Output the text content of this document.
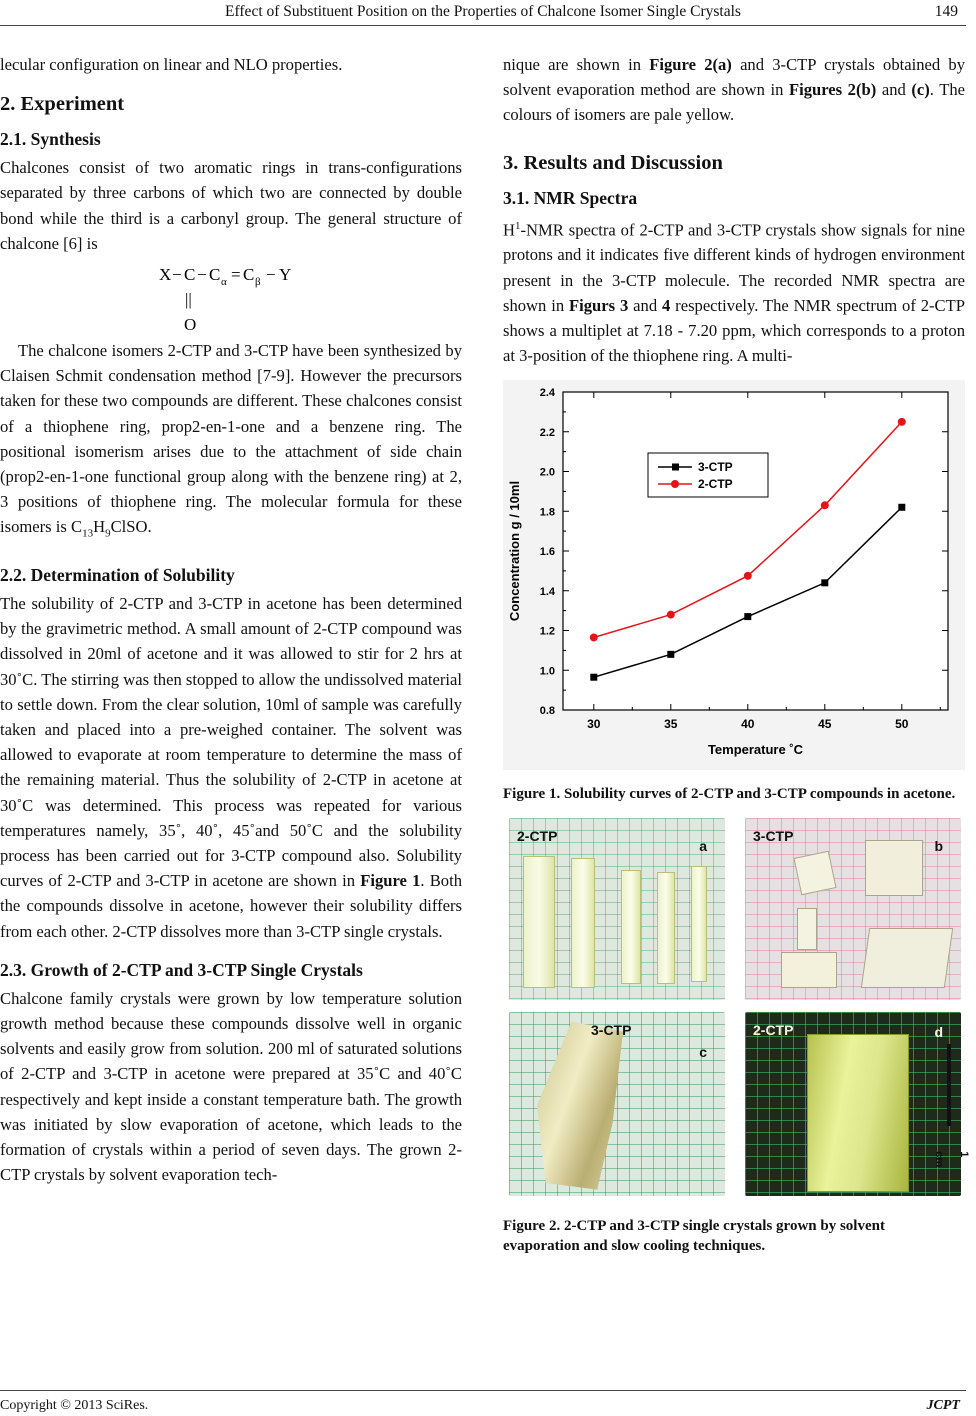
Effect of Substituent Position on the Properties of Chalcone Isomer Single Crystals	149

lecular configuration on linear and NLO properties.

2. Experiment
2.1. Synthesis

Chalcones consist of two aromatic rings in trans-configurations separated by three carbons of which two are connected by double bond while the third is a carbonyl group. The general structure of chalcone [6] is

X − C − C α = C β − Y
||
O

The chalcone isomers 2-CTP and 3-CTP have been synthesized by Claisen Schmit condensation method [7-9]. However the precursors taken for these two compounds are different. These chalcones consist of a thiophene ring, prop2-en-1-one and a benzene ring. The positional isomerism arises due to the attachment of side chain (prop2-en-1-one functional group along with the benzene ring) at 2, 3 positions of thiophene ring. The molecular formula for these isomers is $C_{13}H_9ClSO$.

2.2. Determination of Solubility

The solubility of 2-CTP and 3-CTP in acetone has been determined by the gravimetric method. A small amount of 2-CTP compound was dissolved in 20ml of acetone and it was allowed to stir for 2 hrs at 30˚C. The stirring was then stopped to allow the undissolved material to settle down. From the clear solution, 10ml of sample was carefully taken and placed into a pre-weighed container. The solvent was allowed to evaporate at room temperature to determine the mass of the remaining material. Thus the solubility of 2-CTP in acetone at 30˚C was determined. This process was repeated for various temperatures namely, 35˚, 40˚, 45˚and 50˚C and the solubility process has been carried out for 3-CTP compound also. Solubility curves of 2-CTP and 3-CTP in acetone are shown in Figure 1. Both the compounds dissolve in acetone, however their solubility differs from each other. 2-CTP dissolves more than 3-CTP single crystals.

2.3. Growth of 2-CTP and 3-CTP Single Crystals

Chalcone family crystals were grown by low temperature solution growth method because these compounds dissolve well in organic solvents and easily grow from solution. 200 ml of saturated solutions of 2-CTP and 3-CTP in acetone were prepared at 35˚C and 40˚C respectively and kept inside a constant temperature bath. The growth was initiated by slow evaporation of acetone, which leads to the formation of crystals within a period of seven days. The grown 2-CTP crystals by solvent evaporation tech-

nique are shown in Figure 2(a) and 3-CTP crystals obtained by solvent evaporation method are shown in Figures 2(b) and (c). The colours of isomers are pale yellow.

3. Results and Discussion
3.1. NMR Spectra

$H^1$-NMR spectra of 2-CTP and 3-CTP crystals show signals for nine protons and it indicates five different kinds of hydrogen environment present in the 3-CTP molecule. The recorded NMR spectra are shown in Figurs 3 and 4 respectively. The NMR spectrum of 2-CTP shows a multiplet at 7.18 - 7.20 ppm, which corresponds to a proton at 3-position of the thiophene ring. A multi-

0.8
1.0
1.2
1.4
1.6
1.8
2.0
2.2
2.4
30	35	40	45	50
Temperature ˚C
Concentration g / 10ml
3-CTP
2-CTP
Figure 1. Solubility curves of 2-CTP and 3-CTP compounds in acetone.
2-CTP
a
3-CTP
b
3-CTP
c
2-CTP	d
1 cm
Figure 2. 2-CTP and 3-CTP single crystals grown by solvent evaporation and slow cooling techniques.
Copyright © 2013 SciRes.	JCPT
